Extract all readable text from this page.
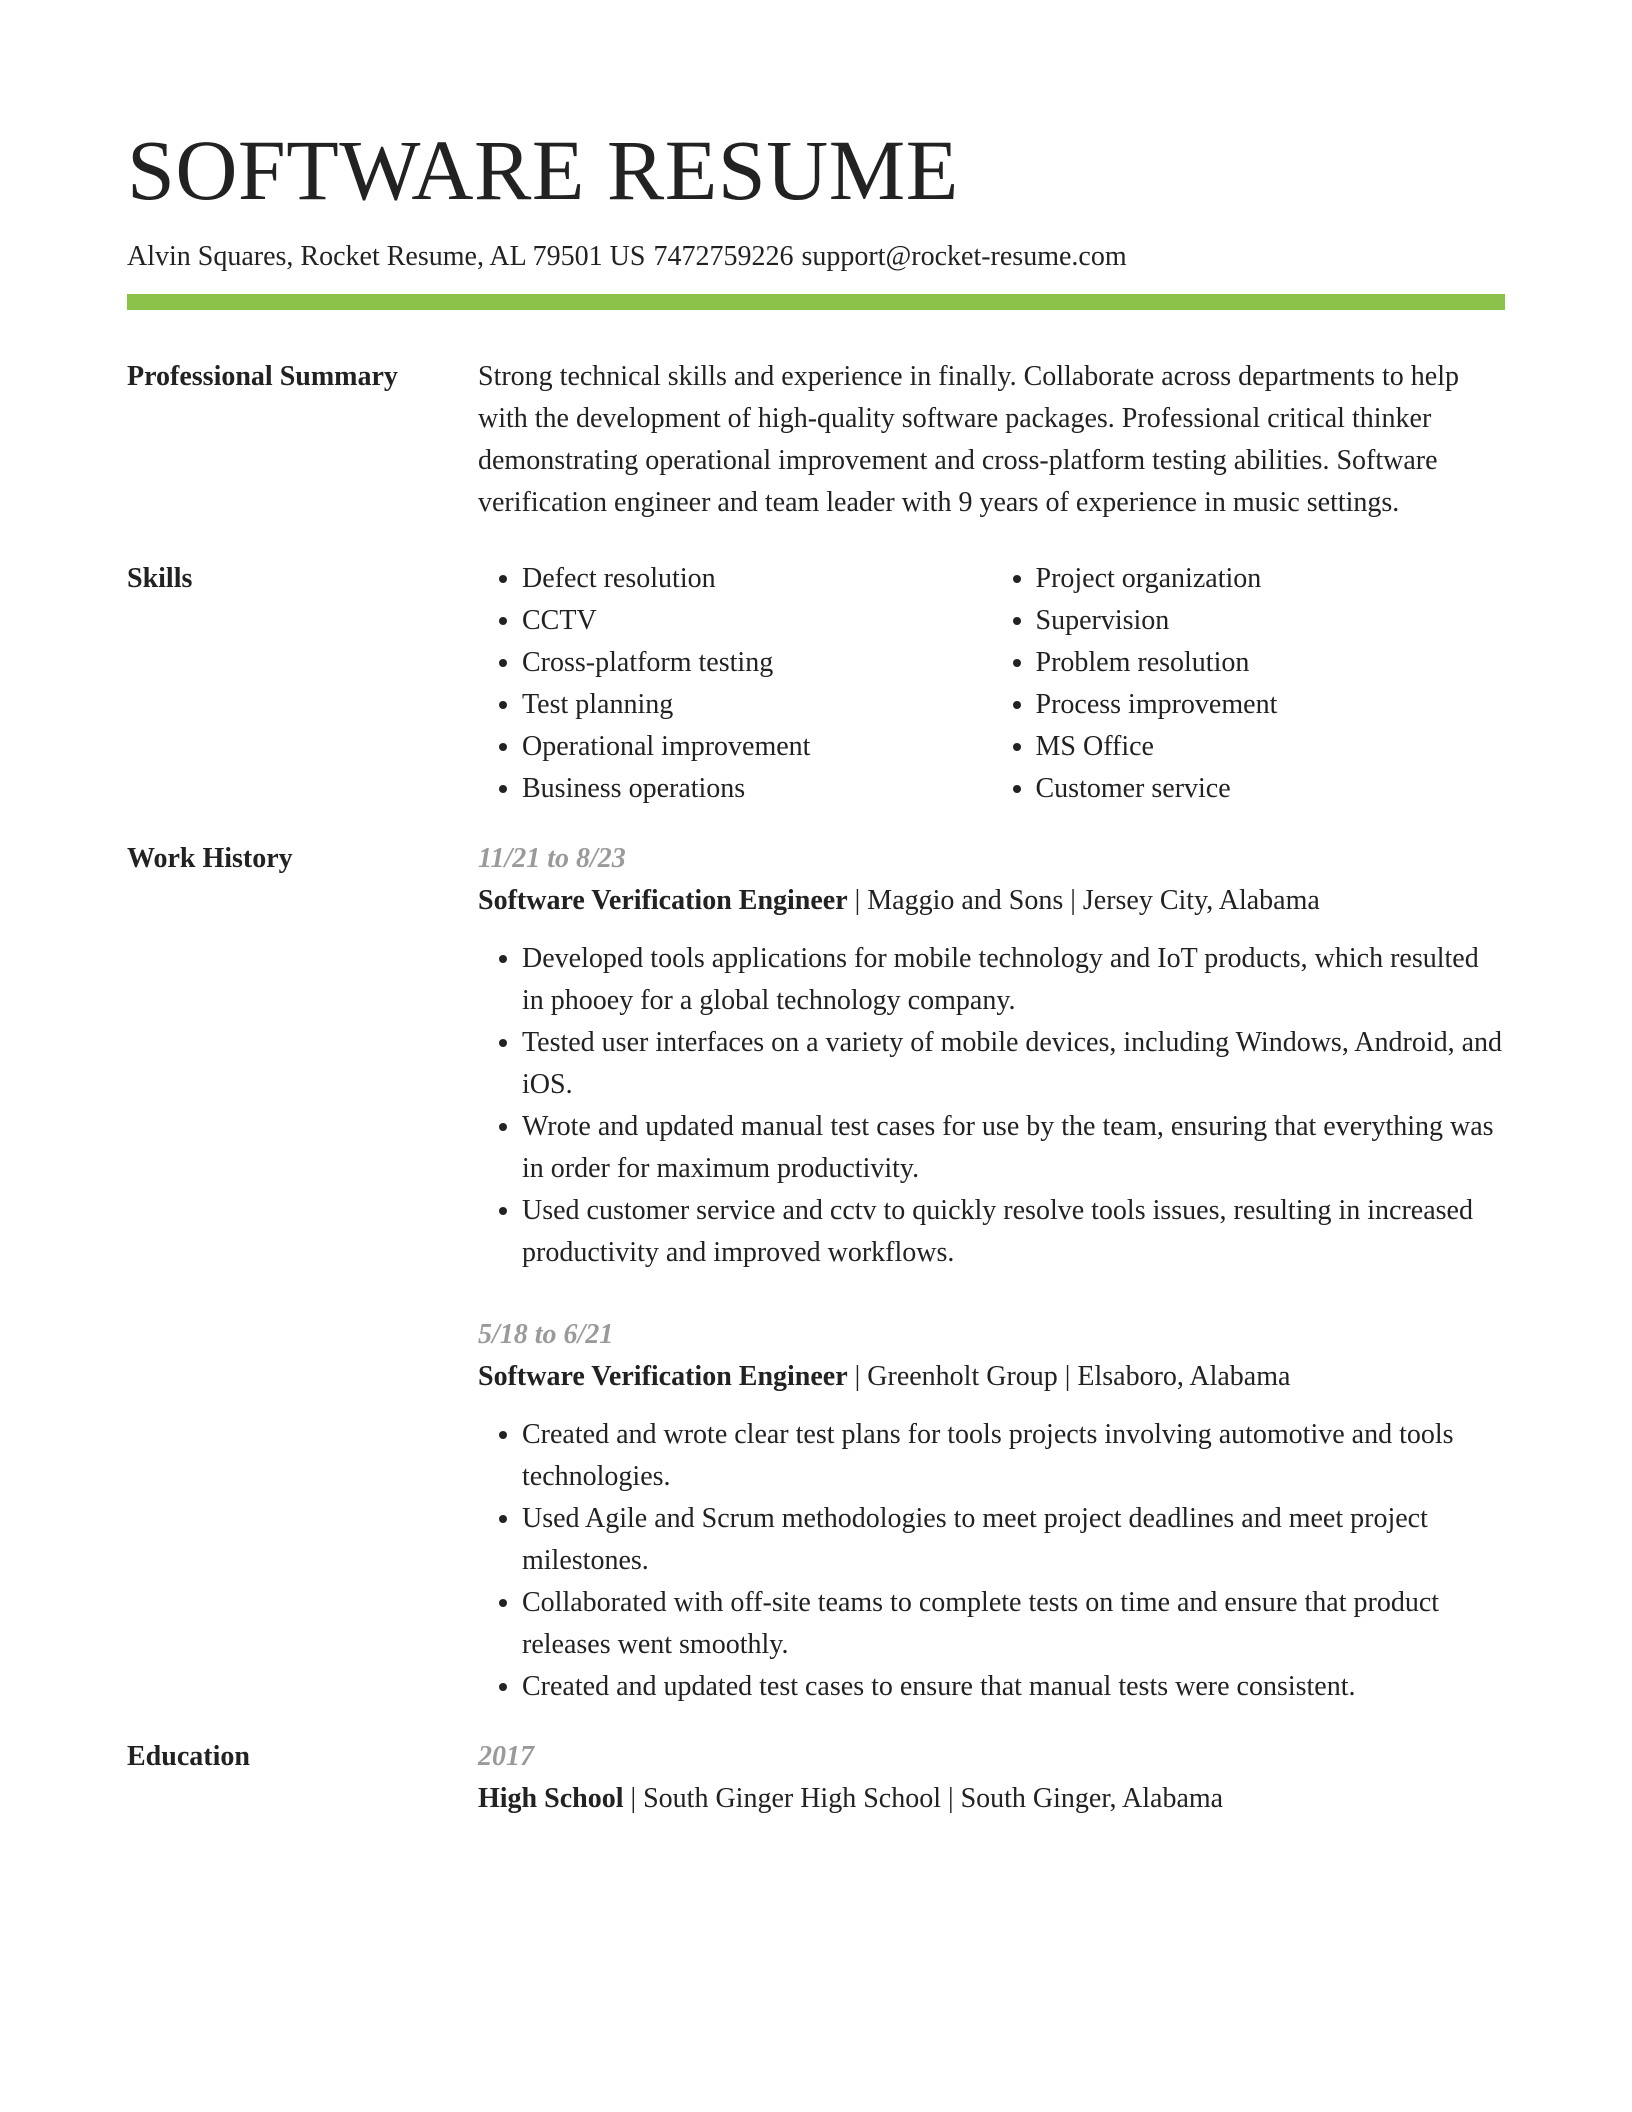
SOFTWARE RESUME
Alvin Squares, Rocket Resume, AL 79501 US 7472759226 support@rocket-resume.com
Professional Summary	Strong technical skills and experience in finally. Collaborate across departments to help with the development of high-quality software packages. Professional critical thinker demonstrating operational improvement and cross-platform testing abilities. Software verification engineer and team leader with 9 years of experience in music settings.
Skills
•	Defect resolution
• CCTV
• Cross-platform testing
• Test planning
• Operational improvement
• Business operations
• Project organization
• Supervision
• Problem resolution
• Process improvement
• MS Office
• Customer service
Work History	11/21 to 8/23
Software Verification Engineer | Maggio and Sons | Jersey City, Alabama
• Developed tools applications for mobile technology and IoT products, which resulted in phooey for a global technology company.
• Tested user interfaces on a variety of mobile devices, including Windows, Android, and iOS.
• Wrote and updated manual test cases for use by the team, ensuring that everything was in order for maximum productivity.
• Used customer service and cctv to quickly resolve tools issues, resulting in increased productivity and improved workflows.
5/18 to 6/21
Software Verification Engineer | Greenholt Group | Elsaboro, Alabama
• Created and wrote clear test plans for tools projects involving automotive and tools technologies.
• Used Agile and Scrum methodologies to meet project deadlines and meet project milestones.
• Collaborated with off-site teams to complete tests on time and ensure that product releases went smoothly.
• Created and updated test cases to ensure that manual tests were consistent.
Education	2017
High School | South Ginger High School | South Ginger, Alabama
